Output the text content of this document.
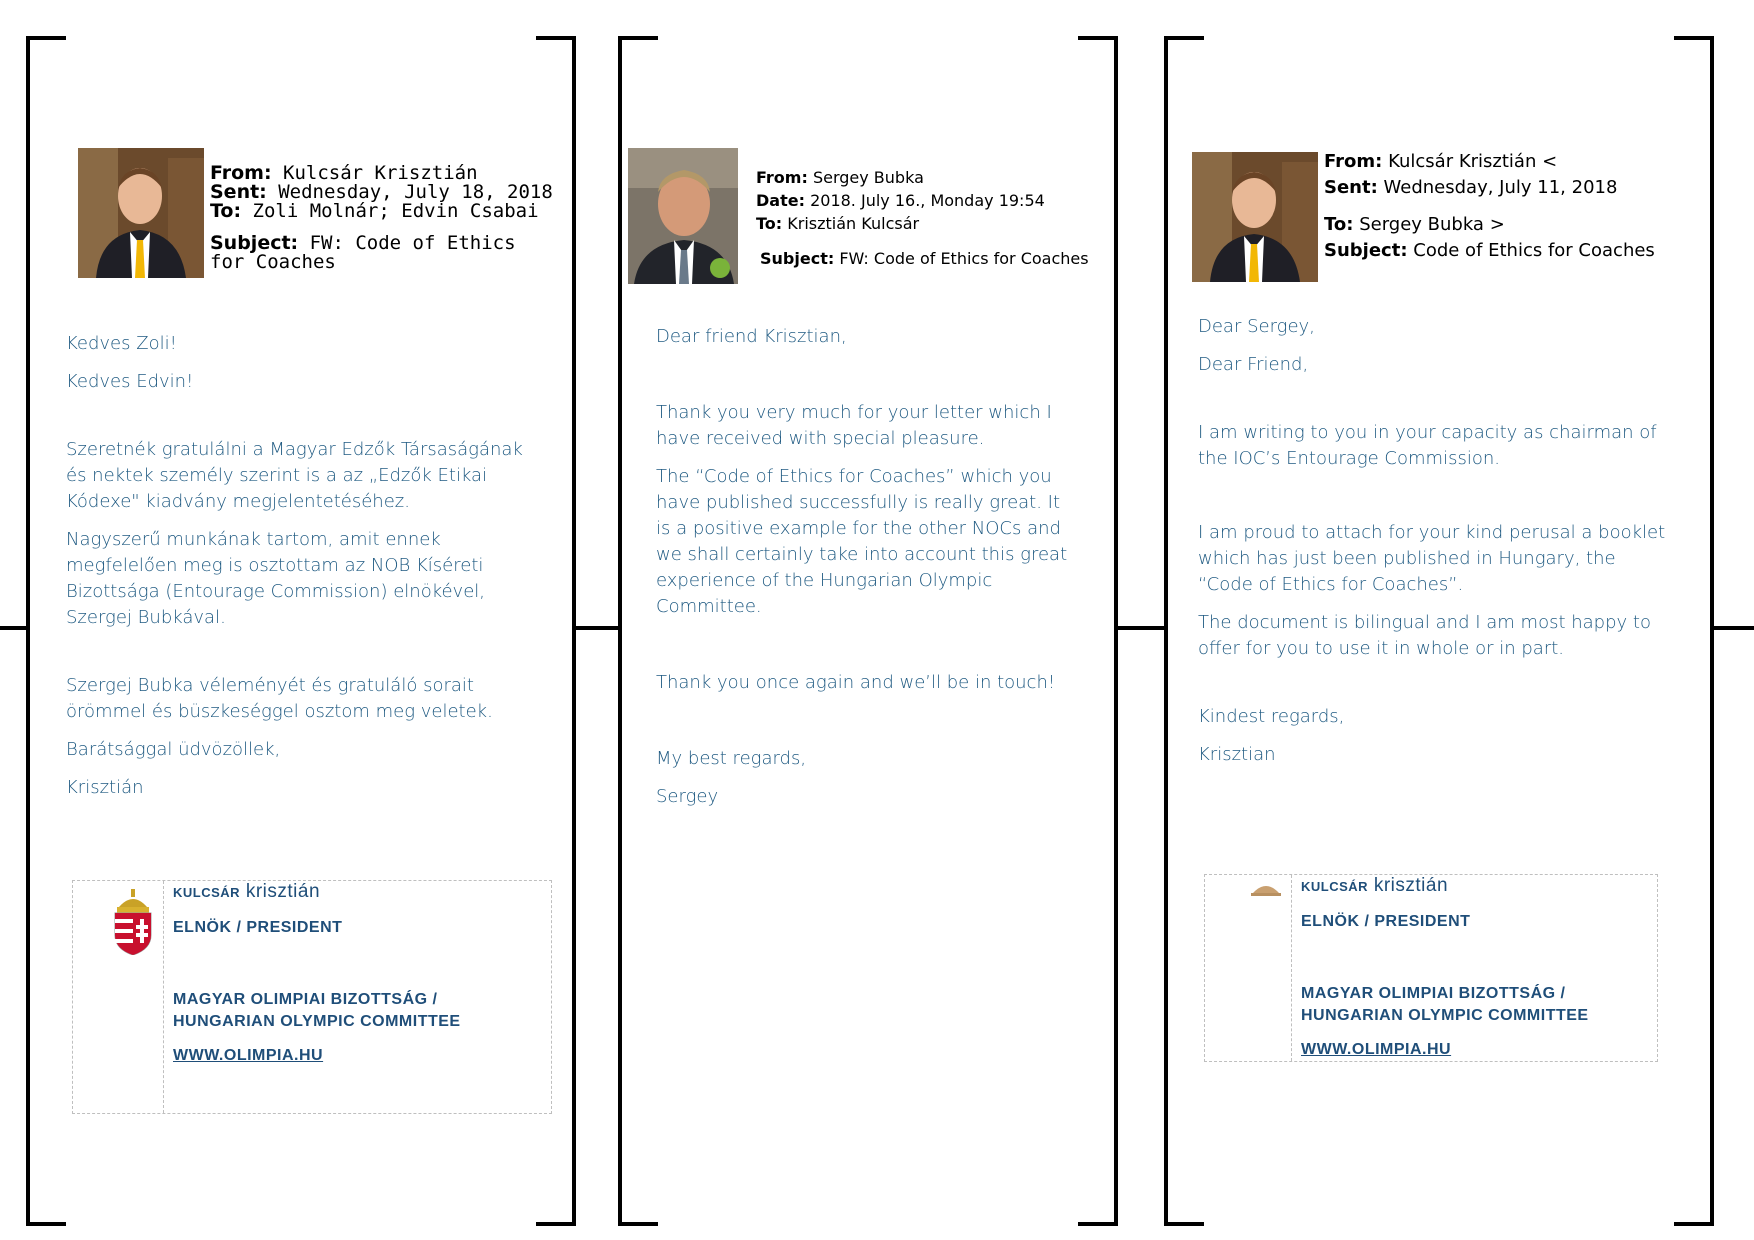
From: Kulcsár Krisztián
Sent: Wednesday, July 18, 2018
To: Zoli Molnár; Edvin Csabai
Subject: FW: Code of Ethics for Coaches

Kedves Zoli!

Kedves Edvin!

Szeretnék gratulálni a Magyar Edzők Társaságának és nektek személy szerint is a az „Edzők Etikai Kódexe" kiadvány megjelentetéséhez.

Nagyszerű munkának tartom, amit ennek megfelelően meg is osztottam az NOB Kíséreti Bizottsága (Entourage Commission) elnökével, Szergej Bubkával.

Szergej Bubka véleményét és gratuláló sorait örömmel és büszkeséggel osztom meg veletek.

Barátsággal üdvözöllek,

Krisztián

kulcsár krisztián
ELNÖK / PRESIDENT
MAGYAR OLIMPIAI BIZOTTSÁG /
HUNGARIAN OLYMPIC COMMITTEE
WWW.OLIMPIA.HU
From: Sergey Bubka
Date: 2018. July 16., Monday 19:54
To: Krisztián Kulcsár
Subject: FW: Code of Ethics for Coaches

Dear friend Krisztian,

Thank you very much for your letter which I have received with special pleasure.

The “Code of Ethics for Coaches” which you have published successfully is really great. It is a positive example for the other NOCs and we shall certainly take into account this great experience of the Hungarian Olympic Committee.

Thank you once again and we’ll be in touch!

My best regards,

Sergey

From: Kulcsár Krisztián <
Sent: Wednesday, July 11, 2018
To: Sergey Bubka >
Subject: Code of Ethics for Coaches

Dear Sergey,

Dear Friend,

I am writing to you in your capacity as chairman of the IOC’s Entourage Commission.

I am proud to attach for your kind perusal a booklet which has just been published in Hungary, the “Code of Ethics for Coaches”.

The document is bilingual and I am most happy to offer for you to use it in whole or in part.

Kindest regards,

Krisztian

kulcsár krisztián
ELNÖK / PRESIDENT
MAGYAR OLIMPIAI BIZOTTSÁG /
HUNGARIAN OLYMPIC COMMITTEE
WWW.OLIMPIA.HU
